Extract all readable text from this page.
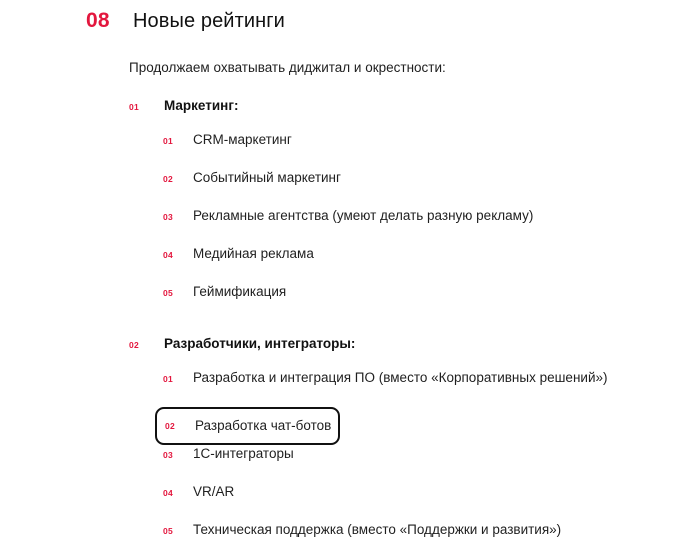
08	Новые рейтинги
Продолжаем охватывать диджитал и окрестности:
01	Маркетинг:
01	CRM-маркетинг
02	Событийный маркетинг
03	Рекламные агентства (умеют делать разную рекламу)
04	Медийная реклама
05	Геймификация
02	Разработчики, интеграторы:
01	Разработка и интеграция ПО (вместо «Корпоративных решений»)
02	Разработка чат-ботов
03	1С-интеграторы
04	VR/AR
05	Техническая поддержка (вместо «Поддержки и развития»)
